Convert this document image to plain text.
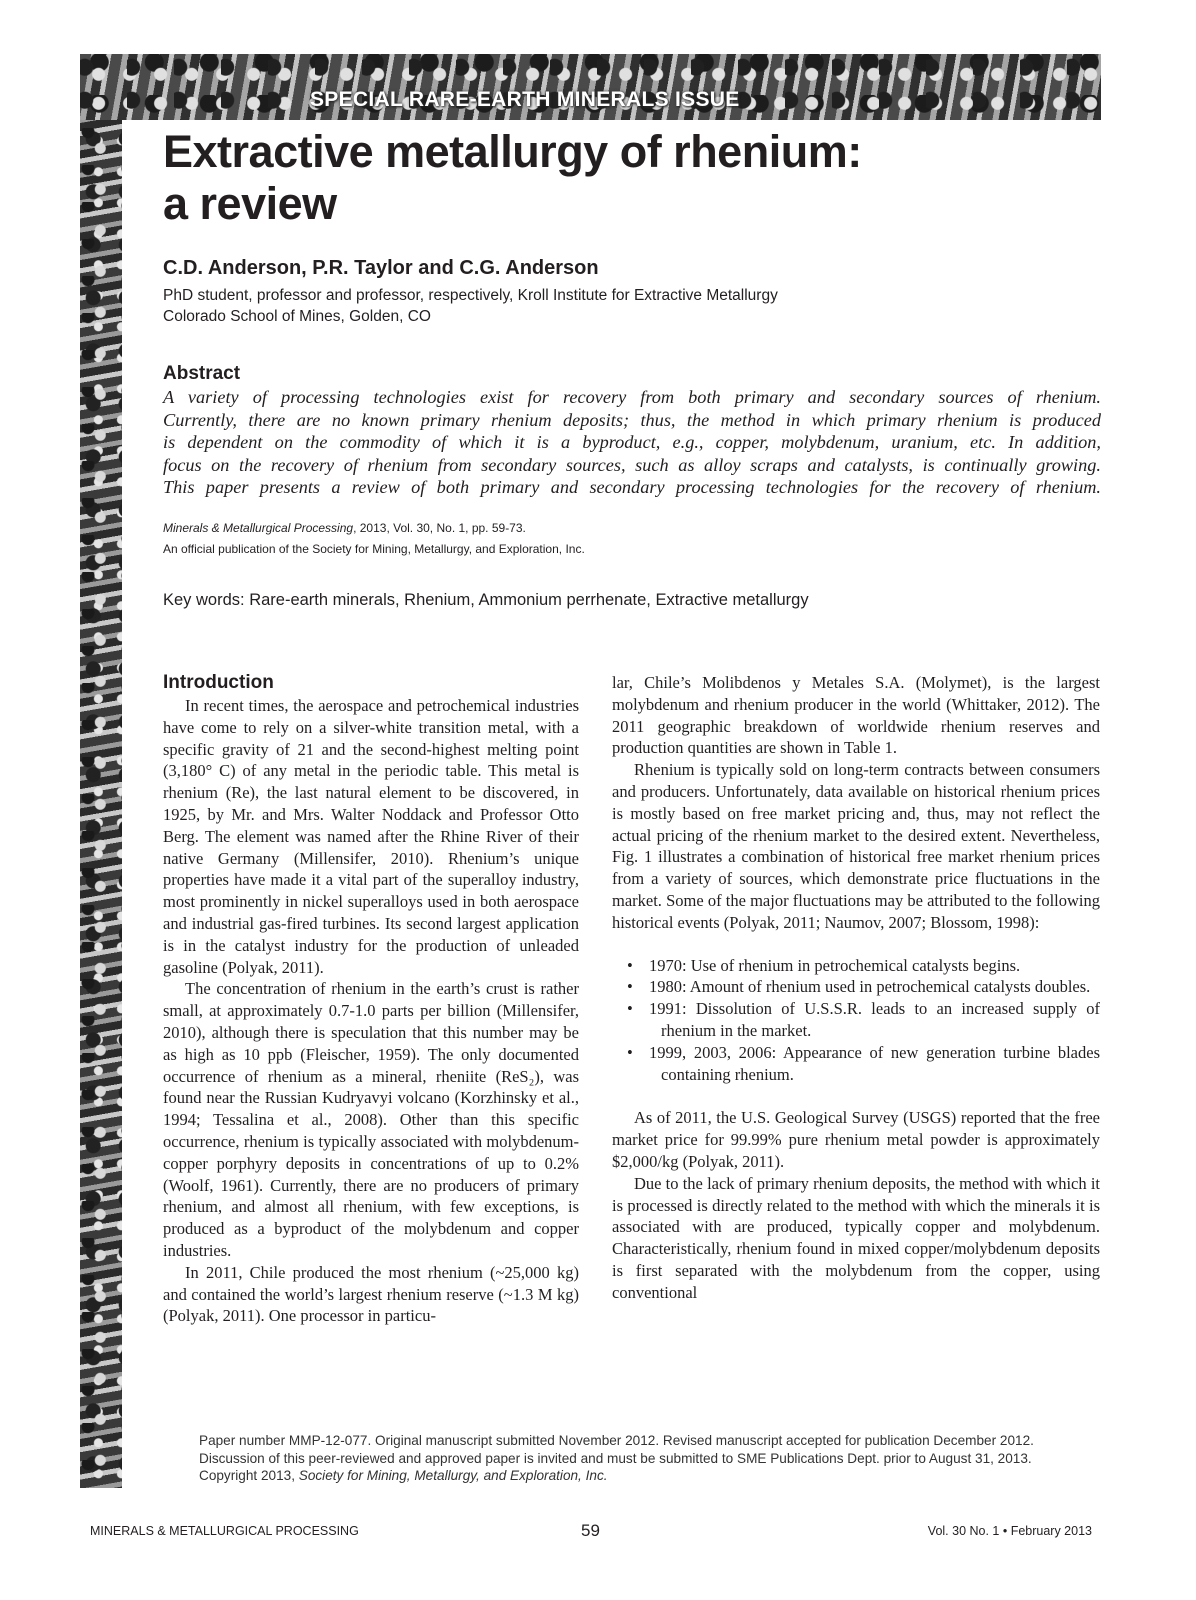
SPECIAL RARE-EARTH MINERALS ISSUE
Extractive metallurgy of rhenium:
a review
C.D. Anderson, P.R. Taylor and C.G. Anderson
PhD student, professor and professor, respectively, Kroll Institute for Extractive Metallurgy
Colorado School of Mines, Golden, CO
Abstract

A variety of processing technologies exist for recovery from both primary and secondary sources of rhenium.
Currently, there are no known primary rhenium deposits; thus, the method in which primary rhenium is produced
is dependent on the commodity of which it is a byproduct, e.g., copper, molybdenum, uranium, etc. In addition,
focus on the recovery of rhenium from secondary sources, such as alloy scraps and catalysts, is continually growing.
This paper presents a review of both primary and secondary processing technologies for the recovery of rhenium.

Minerals & Metallurgical Processing, 2013, Vol. 30, No. 1, pp. 59-73.
An official publication of the Society for Mining, Metallurgy, and Exploration, Inc.
Key words: Rare-earth minerals, Rhenium, Ammonium perrhenate, Extractive metallurgy
Introduction

In recent times, the aerospace and petrochemical industries have come to rely on a silver-white transition metal, with a specific gravity of 21 and the second-highest melting point (3,180° C) of any metal in the periodic table. This metal is rhenium (Re), the last natural element to be discovered, in 1925, by Mr. and Mrs. Walter Noddack and Professor Otto Berg. The element was named after the Rhine River of their native Germany (Millensifer, 2010). Rhenium’s unique properties have made it a vital part of the superalloy industry, most prominently in nickel superalloys used in both aerospace and industrial gas-fired turbines. Its second largest application is in the catalyst industry for the production of unleaded gasoline (Polyak, 2011).

The concentration of rhenium in the earth’s crust is rather small, at approximately 0.7-1.0 parts per billion (Millensifer, 2010), although there is speculation that this number may be as high as 10 ppb (Fleischer, 1959). The only documented occurrence of rhenium as a mineral, rheniite (ReS₂), was found near the Russian Kudryavyi volcano (Korzhinsky et al., 1994; Tessalina et al., 2008). Other than this specific occurrence, rhenium is typically associated with molybdenum-copper porphyry deposits in concentrations of up to 0.2% (Woolf, 1961). Currently, there are no producers of primary rhenium, and almost all rhenium, with few exceptions, is produced as a byproduct of the molybdenum and copper industries.

In 2011, Chile produced the most rhenium (~25,000 kg) and contained the world’s largest rhenium reserve (~1.3 M kg) (Polyak, 2011). One processor in particu-

lar, Chile’s Molibdenos y Metales S.A. (Molymet), is the largest molybdenum and rhenium producer in the world (Whittaker, 2012). The 2011 geographic breakdown of worldwide rhenium reserves and production quantities are shown in Table 1.

Rhenium is typically sold on long-term contracts between consumers and producers. Unfortunately, data available on historical rhenium prices is mostly based on free market pricing and, thus, may not reflect the actual pricing of the rhenium market to the desired extent. Nevertheless, Fig. 1 illustrates a combination of historical free market rhenium prices from a variety of sources, which demonstrate price fluctuations in the market. Some of the major fluctuations may be attributed to the following historical events (Polyak, 2011; Naumov, 2007; Blossom, 1998):

• 1970: Use of rhenium in petrochemical catalysts begins.
• 1980: Amount of rhenium used in petrochemical catalysts doubles.
• 1991: Dissolution of U.S.S.R. leads to an increased supply of rhenium in the market.
• 1999, 2003, 2006: Appearance of new generation turbine blades containing rhenium.

As of 2011, the U.S. Geological Survey (USGS) reported that the free market price for 99.99% pure rhenium metal powder is approximately $2,000/kg (Polyak, 2011).

Due to the lack of primary rhenium deposits, the method with which it is processed is directly related to the method with which the minerals it is associated with are produced, typically copper and molybdenum. Characteristically, rhenium found in mixed copper/molybdenum deposits is first separated with the molybdenum from the copper, using conventional

Paper number MMP-12-077. Original manuscript submitted November 2012. Revised manuscript accepted for publication December 2012. Discussion of this peer-reviewed and approved paper is invited and must be submitted to SME Publications Dept. prior to August 31, 2013. Copyright 2013, Society for Mining, Metallurgy, and Exploration, Inc.
MINERALS & METALLURGICAL PROCESSING	59	Vol. 30 No. 1 • February 2013
